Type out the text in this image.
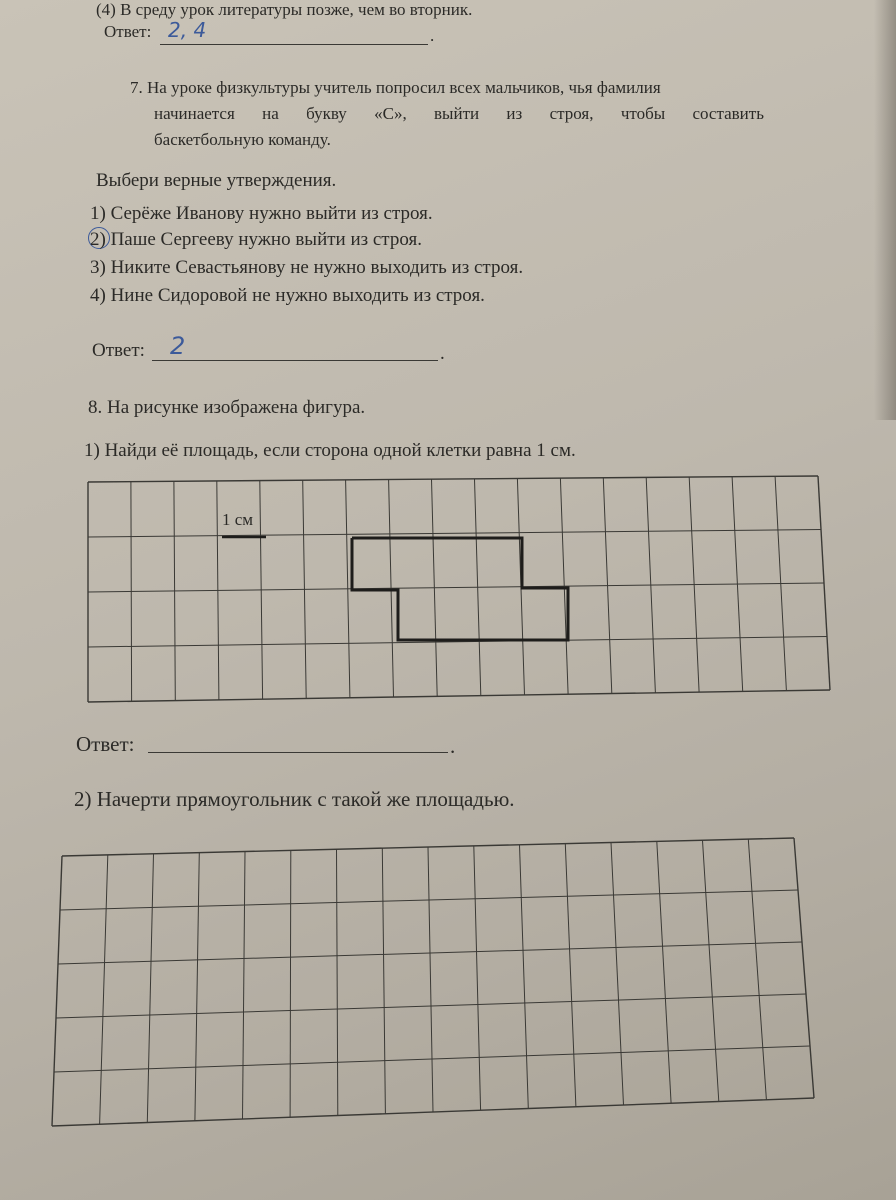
(4) В среду урок литературы позже, чем во вторник.
Ответ: 2, 4	.
7. На уроке физкультуры учитель попросил всех мальчиков, чья фамилия
начинается на букву «С», выйти из строя, чтобы составить
баскетбольную команду.
Выбери верные утверждения.
1) Серёже Иванову нужно выйти из строя.
2) Паше Сергееву нужно выйти из строя.
3) Никите Севастьянову не нужно выходить из строя.
4) Нине Сидоровой не нужно выходить из строя.
Ответ: 2	.
8. На рисунке изображена фигура.
1) Найди её площадь, если сторона одной клетки равна 1 см.
1 см
Ответ:	.
2) Начерти прямоугольник с такой же площадью.
